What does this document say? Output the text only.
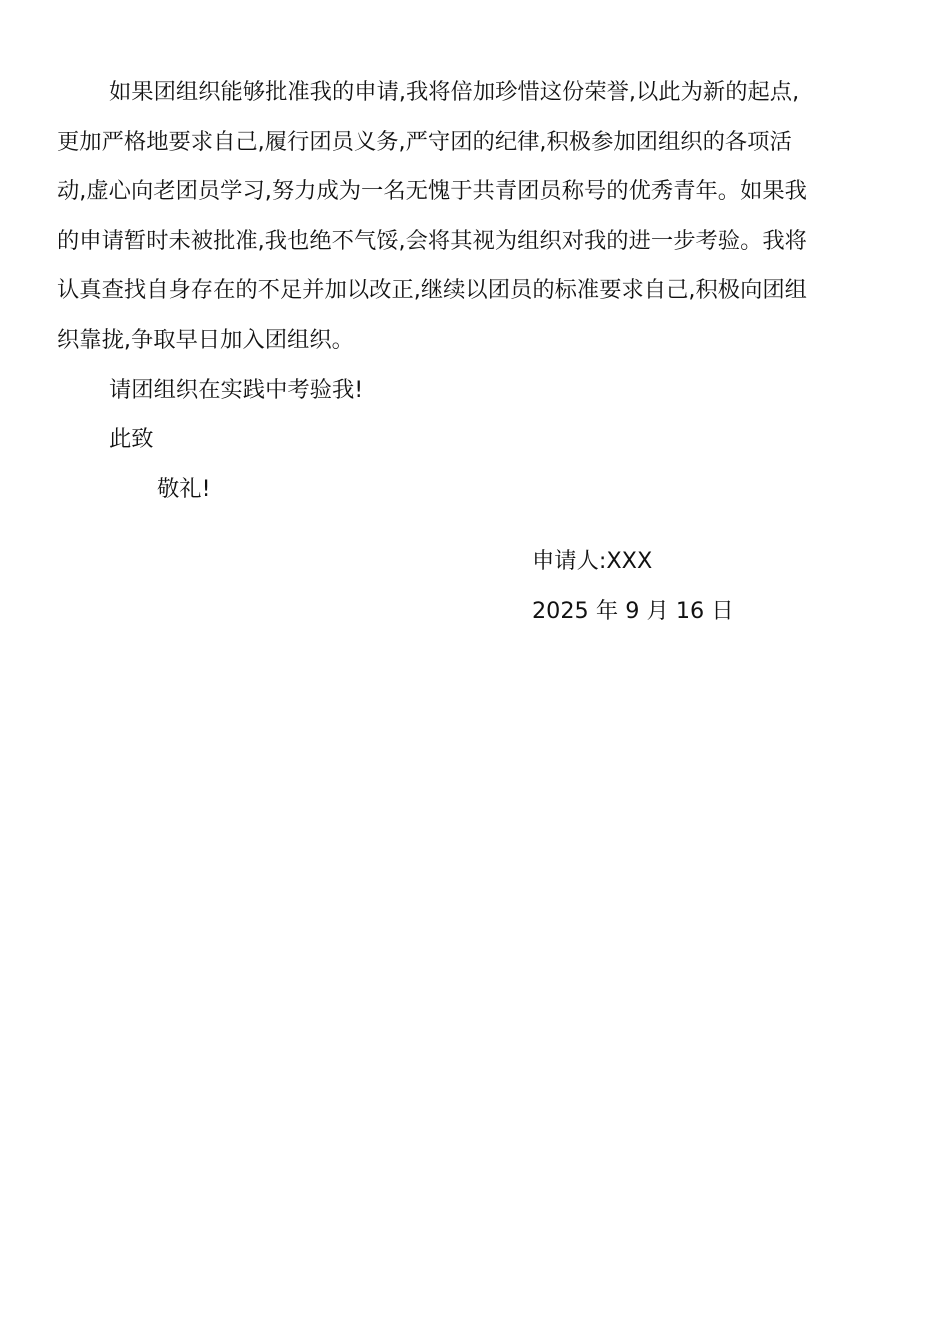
如果团组织能够批准我的申请,我将倍加珍惜这份荣誉,以此为新的起点,
更加严格地要求自己,履行团员义务,严守团的纪律,积极参加团组织的各项活
动,虚心向老团员学习,努力成为一名无愧于共青团员称号的优秀青年。如果我
的申请暂时未被批准,我也绝不气馁,会将其视为组织对我的进一步考验。我将
认真查找自身存在的不足并加以改正,继续以团员的标准要求自己,积极向团组
织靠拢,争取早日加入团组织。

请团组织在实践中考验我!

此致

敬礼!

申请人:XXX
2025 年 9 月 16 日
